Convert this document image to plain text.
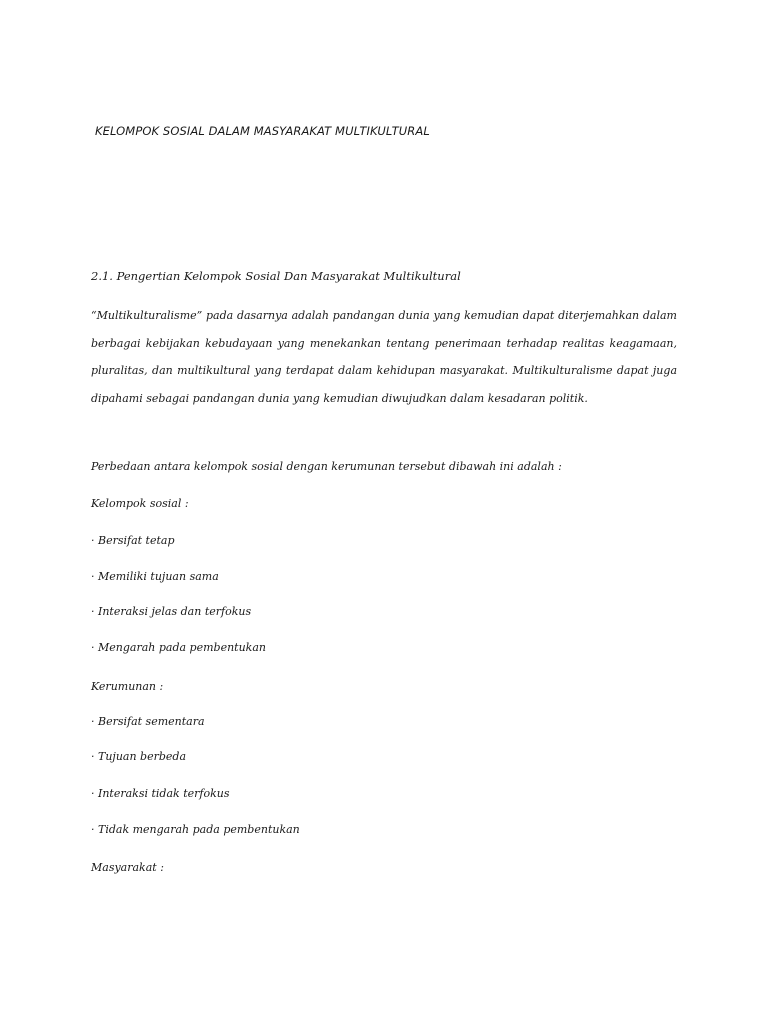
KELOMPOK SOSIAL DALAM MASYARAKAT MULTIKULTURAL
2.1. Pengertian Kelompok Sosial Dan Masyarakat Multikultural

“Multikulturalisme” pada dasarnya adalah pandangan dunia yang kemudian dapat diterjemahkan dalam berbagai kebijakan kebudayaan yang menekankan tentang penerimaan terhadap realitas keagamaan, pluralitas, dan multikultural yang terdapat dalam kehidupan masyarakat. Multikulturalisme dapat juga dipahami sebagai pandangan dunia yang kemudian diwujudkan dalam kesadaran politik.

Perbedaan antara kelompok sosial dengan kerumunan tersebut dibawah ini adalah :
Kelompok sosial :
· Bersifat tetap
· Memiliki tujuan sama
· Interaksi jelas dan terfokus
· Mengarah pada pembentukan
Kerumunan :
· Bersifat sementara
· Tujuan berbeda
· Interaksi tidak terfokus
· Tidak mengarah pada pembentukan
Masyarakat :
